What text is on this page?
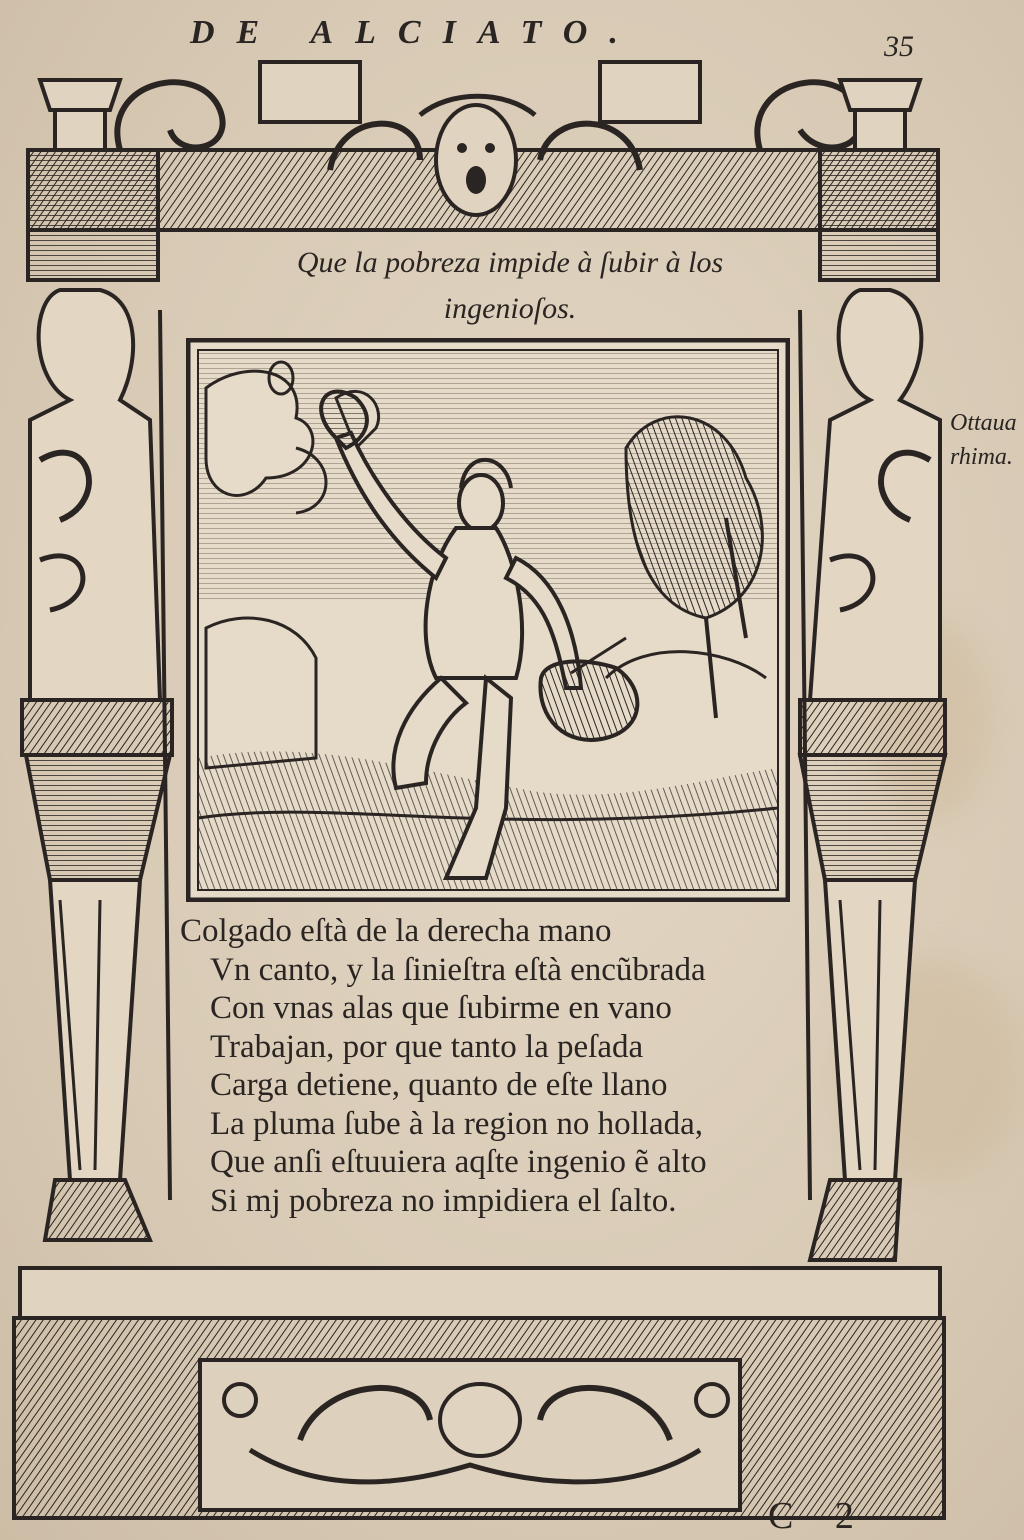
DE ALCIATO.	35
Que la pobreza impide à ſubir à los ingenioſos.
Ottaua
rhima.
Colgado eſtà de la derecha mano
Vn canto, y la ſinieſtra eſtà encũbrada
Con vnas alas que ſubirme en vano
Trabajan, por que tanto la peſada
Carga detiene, quanto de eſte llano
La pluma ſube à la region no hollada,
Que anſi eſtuuiera aqſte ingenio ẽ alto
Si mj pobreza no impidiera el ſalto.
C 2
